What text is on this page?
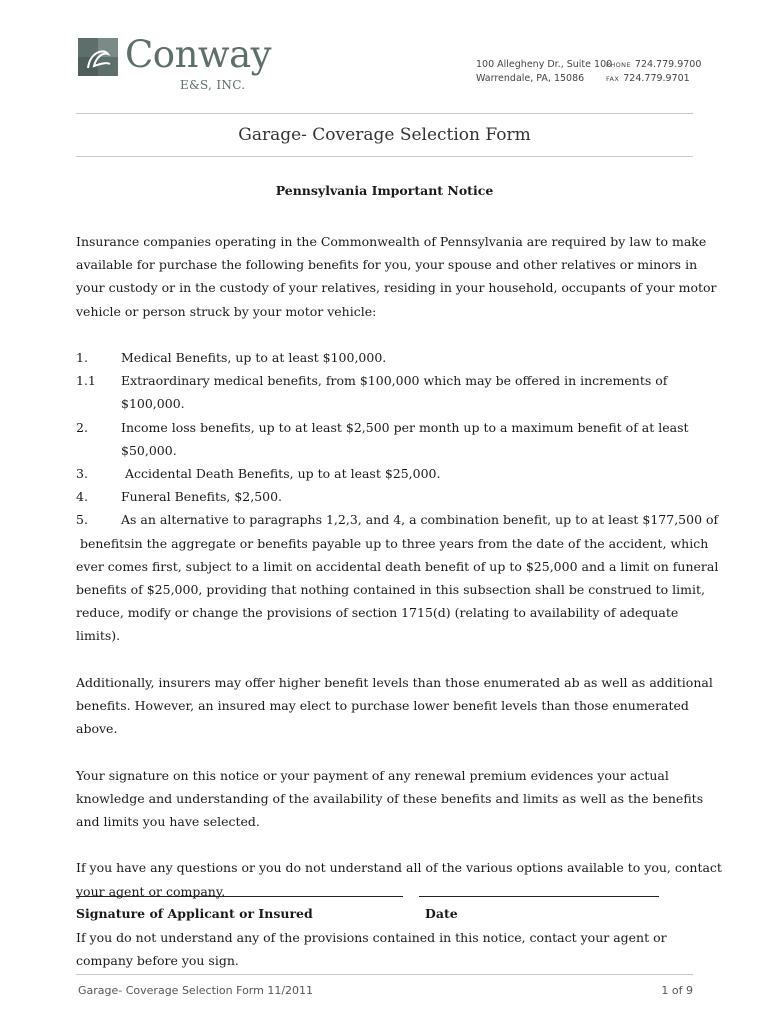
Conway
E&S, INC.
100 Allegheny Dr., Suite 100
Warrendale, PA, 15086
PHONE 724.779.9700
FAX 724.779.9701
Garage- Coverage Selection Form
Pennsylvania Important Notice

Insurance companies operating in the Commonwealth of Pennsylvania are required by law to make available for purchase the following benefits for you, your spouse and other relatives or minors in your custody or in the custody of your relatives, residing in your household, occupants of your motor vehicle or person struck by your motor vehicle:

1.	Medical Benefits, up to at least $100,000.
1.1	Extraordinary medical benefits, from $100,000 which may be offered in increments of $100,000.
2.	Income loss benefits, up to at least $2,500 per month up to a maximum benefit of at least $50,000.
3.	Accidental Death Benefits, up to at least $25,000.
4.	Funeral Benefits, $2,500.
5.	As an alternative to paragraphs 1,2,3, and 4, a combination benefit, up to at least $177,500 of

benefitsin the aggregate or benefits payable up to three years from the date of the accident, which ever comes first, subject to a limit on accidental death benefit of up to $25,000 and a limit on funeral benefits of $25,000, providing that nothing contained in this subsection shall be construed to limit, reduce, modify or change the provisions of section 1715(d) (relating to availability of adequate limits).

Additionally, insurers may offer higher benefit levels than those enumerated ab as well as additional benefits. However, an insured may elect to purchase lower benefit levels than those enumerated above.

Your signature on this notice or your payment of any renewal premium evidences your actual knowledge and understanding of the availability of these benefits and limits as well as the benefits and limits you have selected.

If you have any questions or you do not understand all of the various options available to you, contact your agent or company.

If you do not understand any of the provisions contained in this notice, contact your agent or company before you sign.

Signature of Applicant or Insured	Date
Garage- Coverage Selection Form 11/2011	1 of 9
